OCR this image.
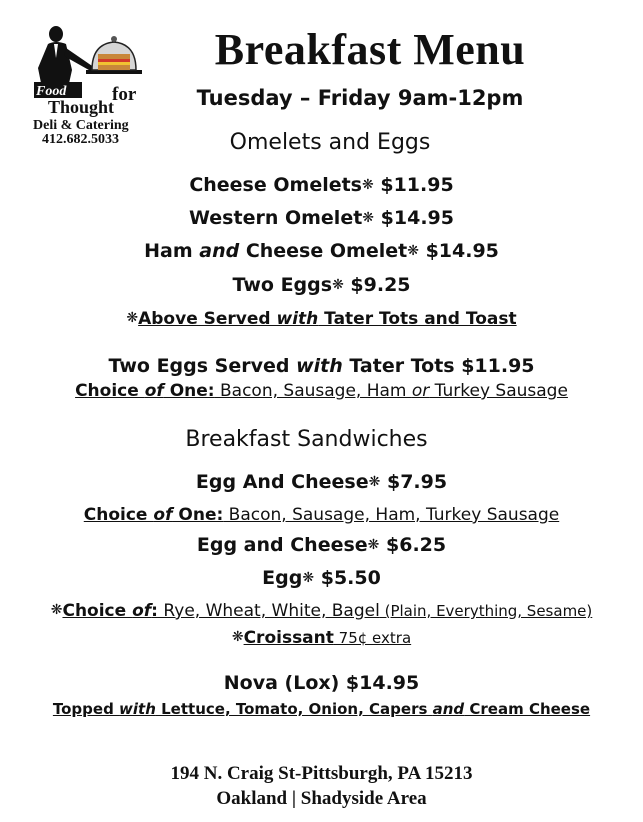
Food for
Thought
Deli & Catering
412.682.5033
Breakfast Menu
Tuesday – Friday 9am-12pm
Omelets and Eggs
Cheese Omelets❋ $11.95
Western Omelet❋ $14.95
Ham and Cheese Omelet❋ $14.95
Two Eggs❋ $9.25
❋Above Served with Tater Tots and Toast
Two Eggs Served with Tater Tots $11.95
Choice of One: Bacon, Sausage, Ham or Turkey Sausage
Breakfast Sandwiches
Egg And Cheese❋ $7.95
Choice of One: Bacon, Sausage, Ham, Turkey Sausage
Egg and Cheese❋ $6.25
Egg❋ $5.50
❋Choice of: Rye, Wheat, White, Bagel (Plain, Everything, Sesame)
❋Croissant 75¢ extra
Nova (Lox) $14.95
Topped with Lettuce, Tomato, Onion, Capers and Cream Cheese
194 N. Craig St-Pittsburgh, PA 15213
Oakland | Shadyside Area
